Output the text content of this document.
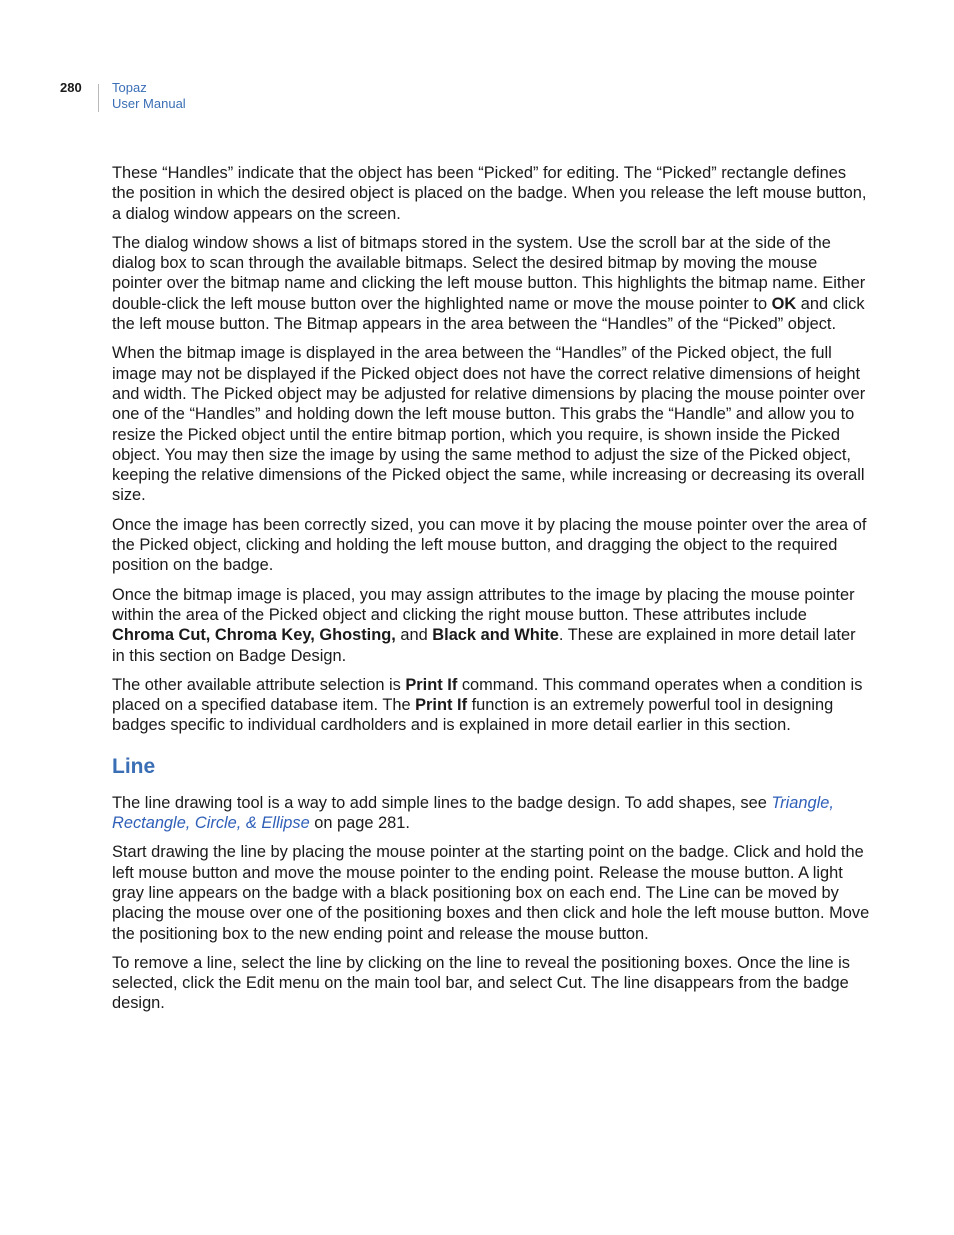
280 Topaz
User Manual

These “Handles” indicate that the object has been “Picked” for editing. The “Picked” rectangle defines the position in which the desired object is placed on the badge. When you release the left mouse button, a dialog window appears on the screen.

The dialog window shows a list of bitmaps stored in the system. Use the scroll bar at the side of the dialog box to scan through the available bitmaps. Select the desired bitmap by moving the mouse pointer over the bitmap name and clicking the left mouse button. This highlights the bitmap name. Either double-click the left mouse button over the highlighted name or move the mouse pointer to OK and click the left mouse button. The Bitmap appears in the area between the “Handles” of the “Picked” object.

When the bitmap image is displayed in the area between the “Handles” of the Picked object, the full image may not be displayed if the Picked object does not have the correct relative dimensions of height and width. The Picked object may be adjusted for relative dimensions by placing the mouse pointer over one of the “Handles” and holding down the left mouse button. This grabs the “Handle” and allow you to resize the Picked object until the entire bitmap portion, which you require, is shown inside the Picked object. You may then size the image by using the same method to adjust the size of the Picked object, keeping the relative dimensions of the Picked object the same, while increasing or decreasing its overall size.

Once the image has been correctly sized, you can move it by placing the mouse pointer over the area of the Picked object, clicking and holding the left mouse button, and dragging the object to the required position on the badge.

Once the bitmap image is placed, you may assign attributes to the image by placing the mouse pointer within the area of the Picked object and clicking the right mouse button. These attributes include Chroma Cut, Chroma Key, Ghosting, and Black and White. These are explained in more detail later in this section on Badge Design.

The other available attribute selection is Print If command. This command operates when a condition is placed on a specified database item. The Print If function is an extremely powerful tool in designing badges specific to individual cardholders and is explained in more detail earlier in this section.

Line

The line drawing tool is a way to add simple lines to the badge design. To add shapes, see Triangle, Rectangle, Circle, & Ellipse on page 281.

Start drawing the line by placing the mouse pointer at the starting point on the badge. Click and hold the left mouse button and move the mouse pointer to the ending point. Release the mouse button. A light gray line appears on the badge with a black positioning box on each end. The Line can be moved by placing the mouse over one of the positioning boxes and then click and hole the left mouse button. Move the positioning box to the new ending point and release the mouse button.

To remove a line, select the line by clicking on the line to reveal the positioning boxes. Once the line is selected, click the Edit menu on the main tool bar, and select Cut. The line disappears from the badge design.
